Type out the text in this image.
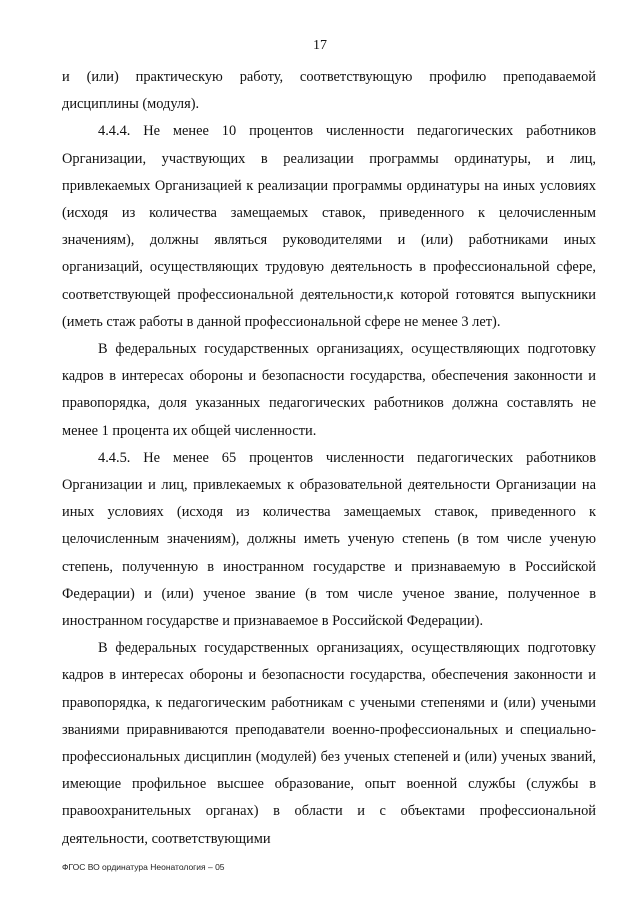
17

и (или) практическую работу, соответствующую профилю преподаваемой дисциплины (модуля).

4.4.4. Не менее 10 процентов численности педагогических работников Организации, участвующих в реализации программы ординатуры, и лиц, привлекаемых Организацией к реализации программы ординатуры на иных условиях (исходя из количества замещаемых ставок, приведенного к целочисленным значениям), должны являться руководителями и (или) работниками иных организаций, осуществляющих трудовую деятельность в профессиональной сфере, соответствующей профессиональной деятельности,к которой готовятся выпускники (иметь стаж работы в данной профессиональной сфере не менее 3 лет).

В федеральных государственных организациях, осуществляющих подготовку кадров в интересах обороны и безопасности государства, обеспечения законности и правопорядка, доля указанных педагогических работников должна составлять не менее 1 процента их общей численности.

4.4.5. Не менее 65 процентов численности педагогических работников Организации и лиц, привлекаемых к образовательной деятельности Организации на иных условиях (исходя из количества замещаемых ставок, приведенного к целочисленным значениям), должны иметь ученую степень (в том числе ученую степень, полученную в иностранном государстве и признаваемую в Российской Федерации) и (или) ученое звание (в том числе ученое звание, полученное в иностранном государстве и признаваемое в Российской Федерации).

В федеральных государственных организациях, осуществляющих подготовку кадров в интересах обороны и безопасности государства, обеспечения законности и правопорядка, к педагогическим работникам с учеными степенями и (или) учеными званиями приравниваются преподаватели военно-профессиональных и специально-профессиональных дисциплин (модулей) без ученых степеней и (или) ученых званий, имеющие профильное высшее образование, опыт военной службы (службы в правоохранительных органах) в области и с объектами профессиональной деятельности, соответствующими

ФГОС ВО ординатура Неонатология – 05
